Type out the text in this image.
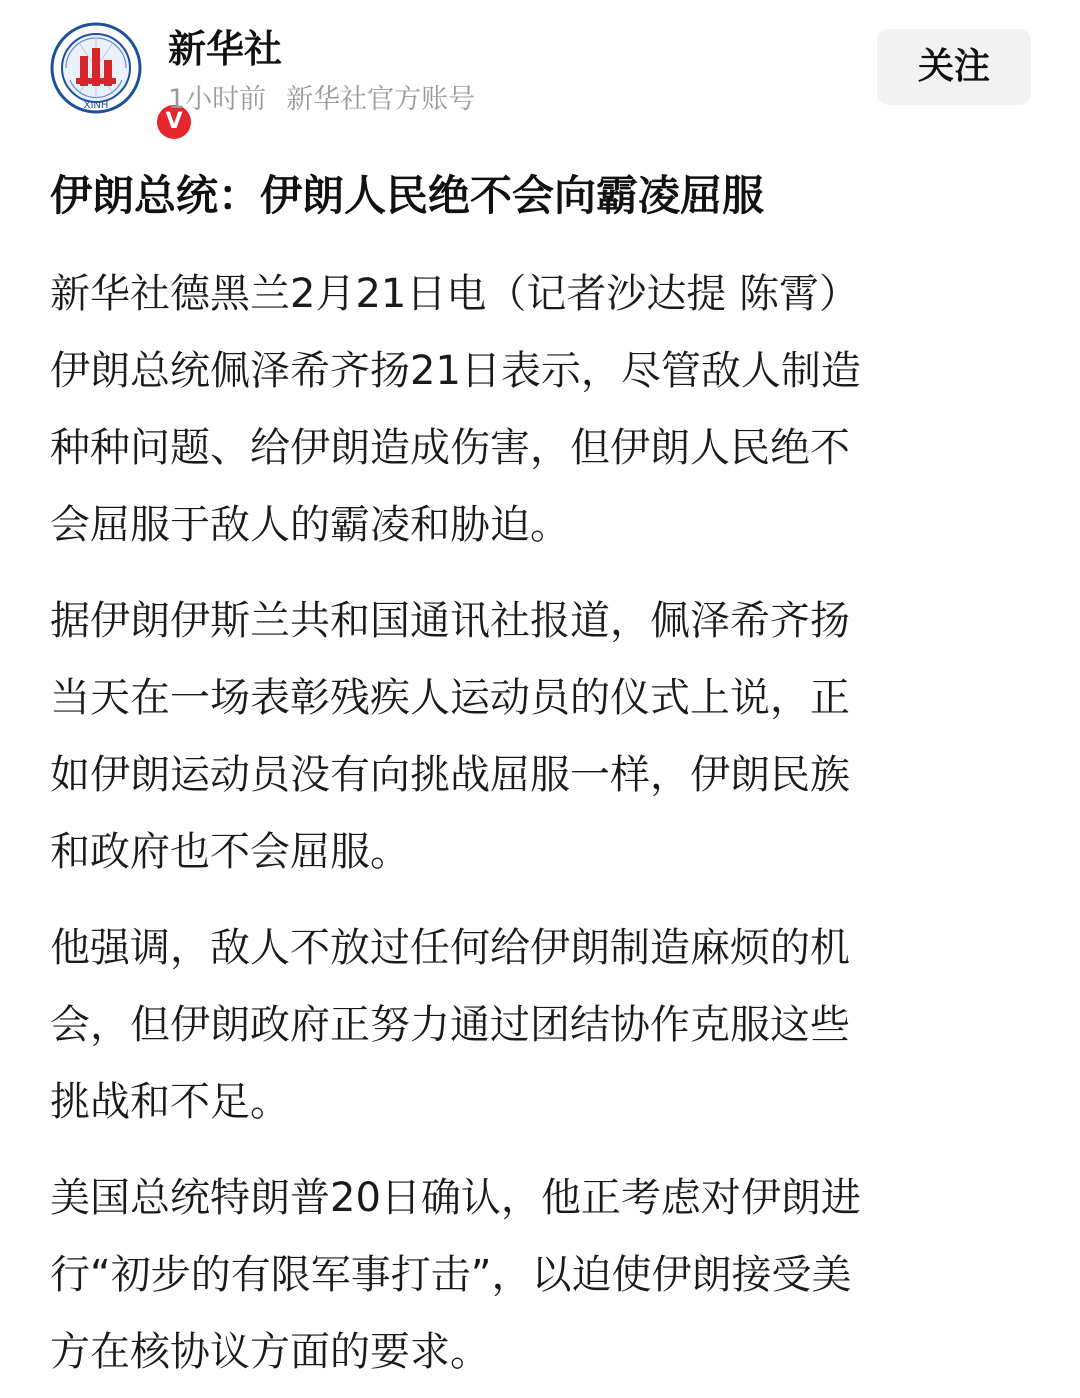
XINH
V
新华社
1小时前 新华社官方账号
关注
伊朗总统：伊朗人民绝不会向霸凌屈服

新华社德黑兰2月21日电（记者沙达提 陈霄）
伊朗总统佩泽希齐扬21日表示，尽管敌人制造
种种问题、给伊朗造成伤害，但伊朗人民绝不
会屈服于敌人的霸凌和胁迫。

据伊朗伊斯兰共和国通讯社报道，佩泽希齐扬
当天在一场表彰残疾人运动员的仪式上说，正
如伊朗运动员没有向挑战屈服一样，伊朗民族
和政府也不会屈服。

他强调，敌人不放过任何给伊朗制造麻烦的机
会，但伊朗政府正努力通过团结协作克服这些
挑战和不足。

美国总统特朗普20日确认，他正考虑对伊朗进
行“初步的有限军事打击”，以迫使伊朗接受美
方在核协议方面的要求。
